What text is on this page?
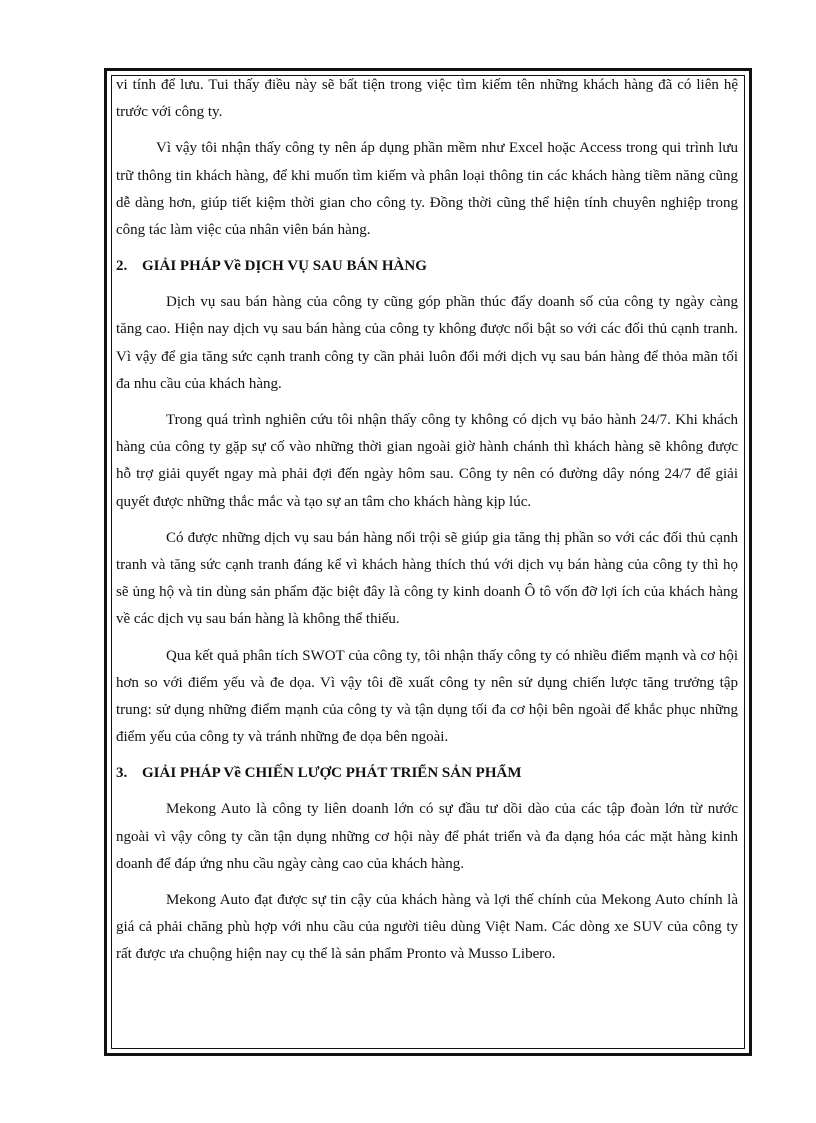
vi tính để lưu. Tui thấy điều này sẽ bất tiện trong việc tìm kiếm tên những khách hàng đã có liên hệ trước với công ty.

Vì vậy tôi nhận thấy công ty nên áp dụng phần mềm như Excel hoặc Access trong qui trình lưu trữ thông tin khách hàng, để khi muốn tìm kiếm và phân loại thông tin các khách hàng tiềm năng cũng dễ dàng hơn, giúp tiết kiệm thời gian cho công ty. Đồng thời cũng thể hiện tính chuyên nghiệp trong công tác làm việc của nhân viên bán hàng.

2. GIẢI PHÁP Về DỊCH VỤ SAU BÁN HÀNG

Dịch vụ sau bán hàng của công ty cũng góp phần thúc đẩy doanh số của công ty ngày càng tăng cao. Hiện nay dịch vụ sau bán hàng của công ty không được nổi bật so với các đối thủ cạnh tranh. Vì vậy để gia tăng sức cạnh tranh công ty cần phải luôn đổi mới dịch vụ sau bán hàng để thỏa mãn tối đa nhu cầu của khách hàng.

Trong quá trình nghiên cứu tôi nhận thấy công ty không có dịch vụ bảo hành 24/7. Khi khách hàng của công ty gặp sự cố vào những thời gian ngoài giờ hành chánh thì khách hàng sẽ không được hỗ trợ giải quyết ngay mà phải đợi đến ngày hôm sau. Công ty nên có đường dây nóng 24/7 để giải quyết được những thắc mắc và tạo sự an tâm cho khách hàng kịp lúc.

Có được những dịch vụ sau bán hàng nổi trội sẽ giúp gia tăng thị phần so với các đối thủ cạnh tranh và tăng sức cạnh tranh đáng kể vì khách hàng thích thú với dịch vụ bán hàng của công ty thì họ sẽ ủng hộ và tin dùng sản phẩm đặc biệt đây là công ty kinh doanh Ô tô vốn đỡ lợi ích của khách hàng về các dịch vụ sau bán hàng là không thể thiếu.

Qua kết quả phân tích SWOT của công ty, tôi nhận thấy công ty có nhiều điểm mạnh và cơ hội hơn so với điểm yếu và đe dọa. Vì vậy tôi đề xuất công ty nên sử dụng chiến lược tăng trưởng tập trung: sử dụng những điểm mạnh của công ty và tận dụng tối đa cơ hội bên ngoài để khắc phục những điểm yếu của công ty và tránh những đe dọa bên ngoài.

3. GIẢI PHÁP Về CHIẾN LƯỢC PHÁT TRIỂN SẢN PHẨM

Mekong Auto là công ty liên doanh lớn có sự đầu tư dồi dào của các tập đoàn lớn từ nước ngoài vì vậy công ty cần tận dụng những cơ hội này để phát triển và đa dạng hóa các mặt hàng kinh doanh để đáp ứng nhu cầu ngày càng cao của khách hàng.

Mekong Auto đạt được sự tin cậy của khách hàng và lợi thế chính của Mekong Auto chính là giá cả phải chăng phù hợp với nhu cầu của người tiêu dùng Việt Nam. Các dòng xe SUV của công ty rất được ưa chuộng hiện nay cụ thể là sản phẩm Pronto và Musso Libero.
